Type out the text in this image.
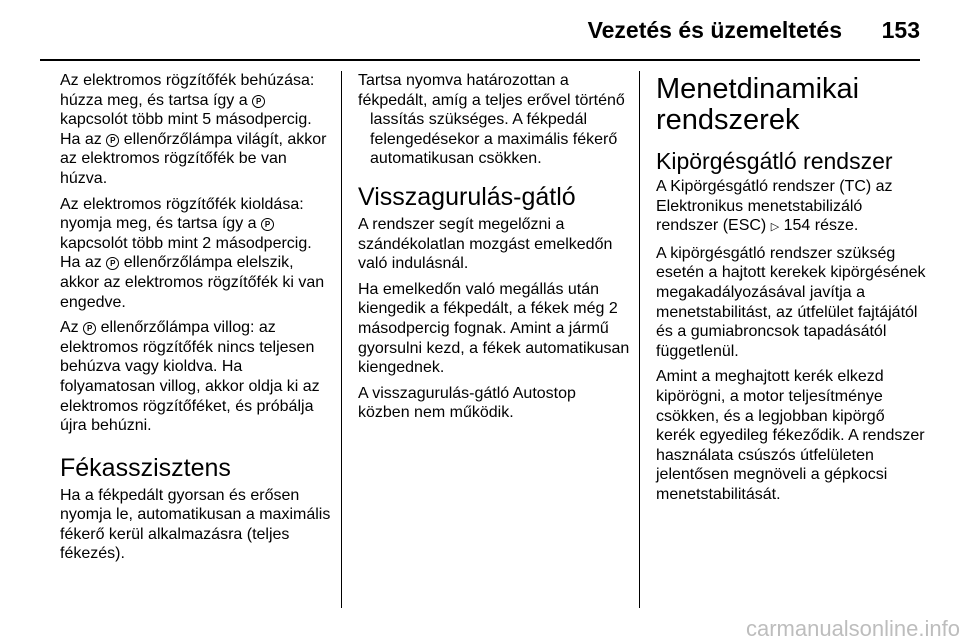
Vezetés és üzemeltetés 153

Az elektromos rögzítőfék behúzása: húzza meg, és tartsa így a P kapcsolót több mint 5 másodpercig. Ha az P ellenőrzőlámpa világít, akkor az elektromos rögzítőfék be van húzva.

Az elektromos rögzítőfék kioldása: nyomja meg, és tartsa így a P kapcsolót több mint 2 másodpercig. Ha az P ellenőrzőlámpa elelszik, akkor az elektromos rögzítőfék ki van engedve.

Az P ellenőrzőlámpa villog: az elektromos rögzítőfék nincs teljesen behúzva vagy kioldva. Ha folyamatosan villog, akkor oldja ki az elektromos rögzítőféket, és próbálja újra behúzni.

Fékasszisztens

Ha a fékpedált gyorsan és erősen nyomja le, automatikusan a maximális fékerő kerül alkalmazásra (teljes fékezés).

Tartsa nyomva határozottan a fékpedált, amíg a teljes erővel történő
lassítás szükséges. A fékpedál felengedésekor a maximális fékerő automatikusan csökken.

Visszagurulás-gátló

A rendszer segít megelőzni a szándékolatlan mozgást emelkedőn való indulásnál.

Ha emelkedőn való megállás után kiengedik a fékpedált, a fékek még 2 másodpercig fognak. Amint a jármű gyorsulni kezd, a fékek automatikusan kiengednek.

A visszagurulás-gátló Autostop közben nem működik.

Menetdinamikai rendszerek
Kipörgésgátló rendszer

A Kipörgésgátló rendszer (TC) az Elektronikus menetstabilizáló rendszer (ESC) ▷ 154 része.

A kipörgésgátló rendszer szükség esetén a hajtott kerekek kipörgésének megakadályozásával javítja a menetstabilitást, az útfelület fajtájától és a gumiabroncsok tapadásától függetlenül.

Amint a meghajtott kerék elkezd kipörögni, a motor teljesítménye csökken, és a legjobban kipörgő kerék egyedileg fékeződik. A rendszer használata csúszós útfelületen jelentősen megnöveli a gépkocsi menetstabilitását.

carmanualsonline.info
